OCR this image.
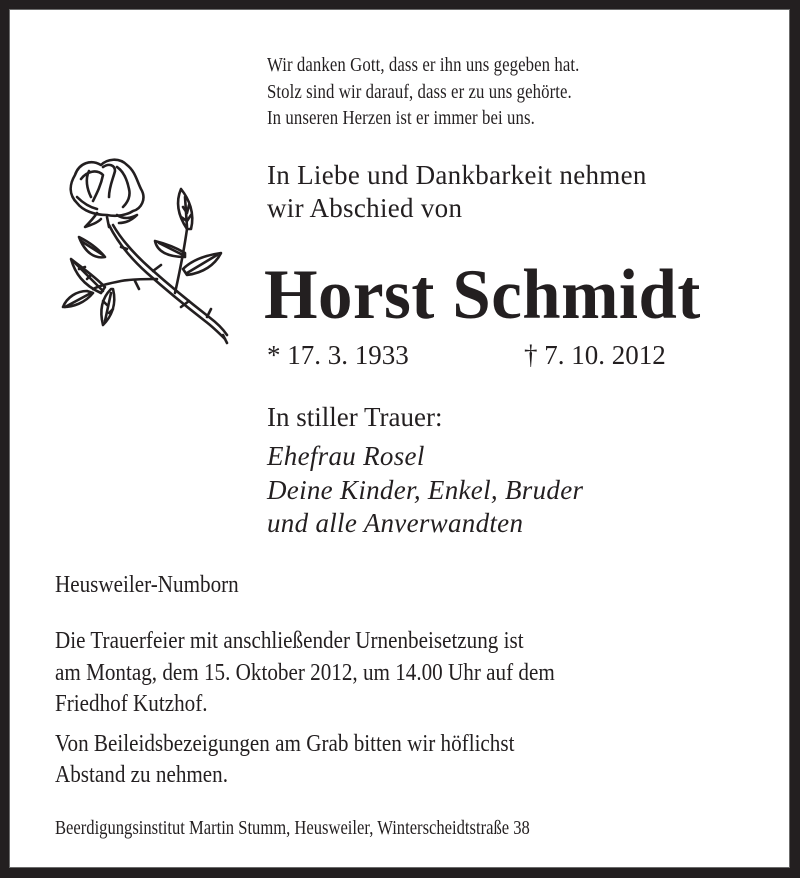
Wir danken Gott, dass er ihn uns gegeben hat.
Stolz sind wir darauf, dass er zu uns gehörte.
In unseren Herzen ist er immer bei uns.
In Liebe und Dankbarkeit nehmen
wir Abschied von
Horst Schmidt
* 17. 3. 1933	† 7. 10. 2012
In stiller Trauer:
Ehefrau Rosel
Deine Kinder, Enkel, Bruder
und alle Anverwandten
Heusweiler-Numborn
Die Trauerfeier mit anschließender Urnenbeisetzung ist
am Montag, dem 15. Oktober 2012, um 14.00 Uhr auf dem
Friedhof Kutzhof.
Von Beileidsbezeigungen am Grab bitten wir höflichst
Abstand zu nehmen.
Beerdigungsinstitut Martin Stumm, Heusweiler, Winterscheidtstraße 38
